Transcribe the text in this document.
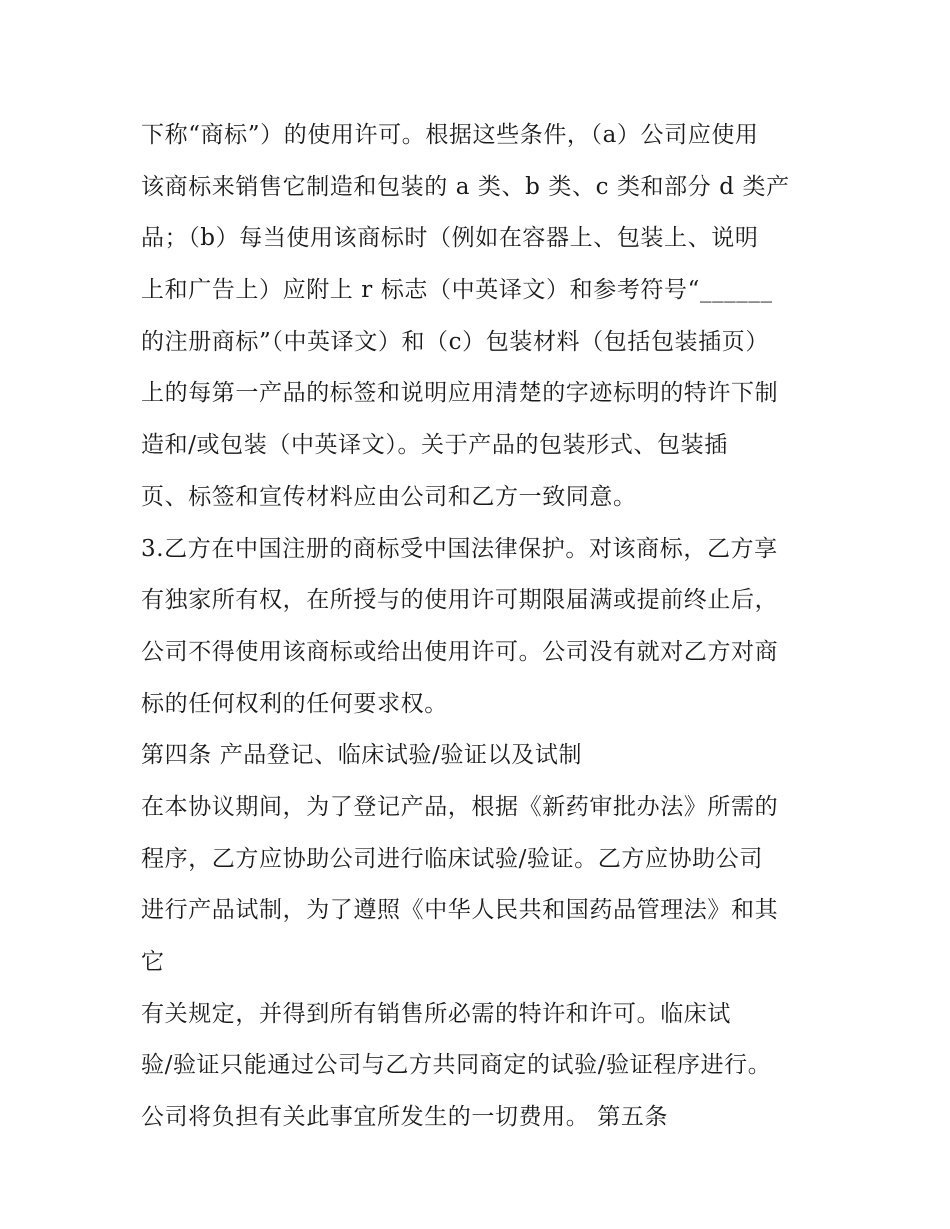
下称“商标”）的使用许可。根据这些条件，（a）公司应使用
该商标来销售它制造和包装的 a 类、b 类、c 类和部分 d 类产
品；（b）每当使用该商标时（例如在容器上、包装上、说明
上和广告上）应附上 r 标志（中英译文）和参考符号“______
的注册商标”（中英译文）和（c）包装材料（包括包装插页）
上的每第一产品的标签和说明应用清楚的字迹标明的特许下制
造和/或包装（中英译文）。关于产品的包装形式、包装插
页、标签和宣传材料应由公司和乙方一致同意。
3.乙方在中国注册的商标受中国法律保护。对该商标，乙方享
有独家所有权，在所授与的使用许可期限届满或提前终止后，
公司不得使用该商标或给出使用许可。公司没有就对乙方对商
标的任何权利的任何要求权。
第四条 产品登记、临床试验/验证以及试制
在本协议期间，为了登记产品，根据《新药审批办法》所需的
程序，乙方应协助公司进行临床试验/验证。乙方应协助公司
进行产品试制，为了遵照《中华人民共和国药品管理法》和其
它
有关规定，并得到所有销售所必需的特许和许可。临床试
验/验证只能通过公司与乙方共同商定的试验/验证程序进行。
公司将负担有关此事宜所发生的一切费用。 第五条
